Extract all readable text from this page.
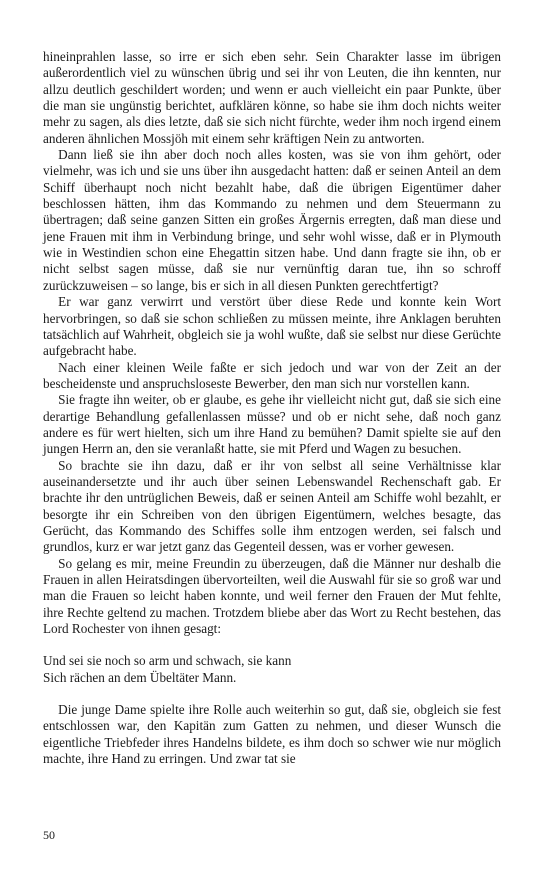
hineinprahlen lasse, so irre er sich eben sehr. Sein Charakter lasse im übrigen außerordentlich viel zu wünschen übrig und sei ihr von Leuten, die ihn kennten, nur allzu deutlich geschildert worden; und wenn er auch vielleicht ein paar Punkte, über die man sie ungünstig berichtet, aufklären könne, so habe sie ihm doch nichts weiter mehr zu sagen, als dies letzte, daß sie sich nicht fürchte, weder ihm noch irgend einem anderen ähnlichen Mossjöh mit einem sehr kräftigen Nein zu antworten.

Dann ließ sie ihn aber doch noch alles kosten, was sie von ihm gehört, oder vielmehr, was ich und sie uns über ihn ausgedacht hatten: daß er seinen Anteil an dem Schiff überhaupt noch nicht bezahlt habe, daß die übrigen Eigentümer daher beschlossen hätten, ihm das Kommando zu nehmen und dem Steuermann zu übertragen; daß seine ganzen Sitten ein großes Ärgernis erregten, daß man diese und jene Frauen mit ihm in Verbindung bringe, und sehr wohl wisse, daß er in Plymouth wie in Westindien schon eine Ehegattin sitzen habe. Und dann fragte sie ihn, ob er nicht selbst sagen müsse, daß sie nur vernünftig daran tue, ihn so schroff zurückzuweisen – so lange, bis er sich in all diesen Punkten gerechtfertigt?

Er war ganz verwirrt und verstört über diese Rede und konnte kein Wort hervorbringen, so daß sie schon schließen zu müssen meinte, ihre Anklagen beruhten tatsächlich auf Wahrheit, obgleich sie ja wohl wußte, daß sie selbst nur diese Gerüchte aufgebracht habe.

Nach einer kleinen Weile faßte er sich jedoch und war von der Zeit an der bescheidenste und anspruchsloseste Bewerber, den man sich nur vorstellen kann.

Sie fragte ihn weiter, ob er glaube, es gehe ihr vielleicht nicht gut, daß sie sich eine derartige Behandlung gefallenlassen müsse? und ob er nicht sehe, daß noch ganz andere es für wert hielten, sich um ihre Hand zu bemühen? Damit spielte sie auf den jungen Herrn an, den sie veranlaßt hatte, sie mit Pferd und Wagen zu besuchen.

So brachte sie ihn dazu, daß er ihr von selbst all seine Verhältnisse klar auseinandersetzte und ihr auch über seinen Lebenswandel Rechenschaft gab. Er brachte ihr den untrüglichen Beweis, daß er seinen Anteil am Schiffe wohl bezahlt, er besorgte ihr ein Schreiben von den übrigen Eigentümern, welches besagte, das Gerücht, das Kommando des Schiffes solle ihm entzogen werden, sei falsch und grundlos, kurz er war jetzt ganz das Gegenteil dessen, was er vorher gewesen.

So gelang es mir, meine Freundin zu überzeugen, daß die Männer nur deshalb die Frauen in allen Heiratsdingen übervorteilten, weil die Auswahl für sie so groß war und man die Frauen so leicht haben konnte, und weil ferner den Frauen der Mut fehlte, ihre Rechte geltend zu machen. Trotzdem bliebe aber das Wort zu Recht bestehen, das Lord Rochester von ihnen gesagt:

Und sei sie noch so arm und schwach, sie kann
Sich rächen an dem Übeltäter Mann.

Die junge Dame spielte ihre Rolle auch weiterhin so gut, daß sie, obgleich sie fest entschlossen war, den Kapitän zum Gatten zu nehmen, und dieser Wunsch die eigentliche Triebfeder ihres Handelns bildete, es ihm doch so schwer wie nur möglich machte, ihre Hand zu erringen. Und zwar tat sie

50
